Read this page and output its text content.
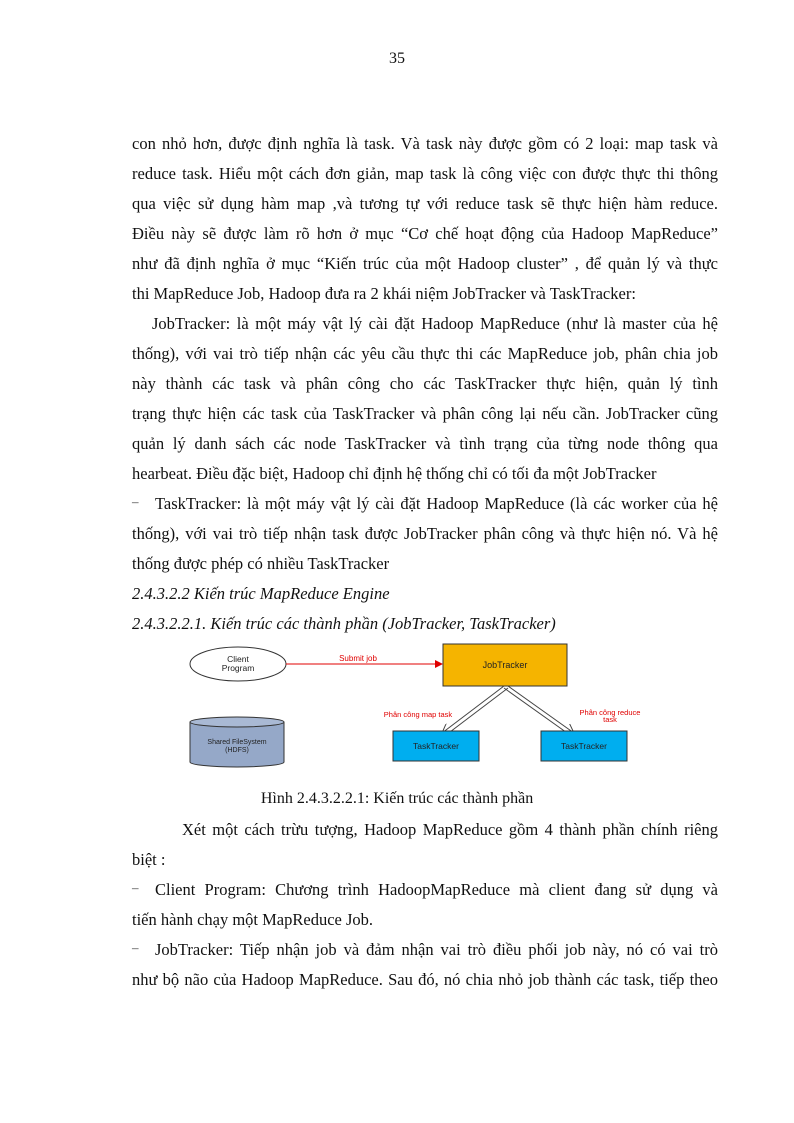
35
con nhỏ hơn, được định nghĩa là task. Và task này được gồm có 2 loại: map task và
reduce task. Hiểu một cách đơn giản, map task là công việc con được thực thi thông
qua việc sử dụng hàm map ,và tương tự với reduce task sẽ thực hiện hàm reduce.
Điều này sẽ được làm rõ hơn ở mục “Cơ chế hoạt động của Hadoop MapReduce”
như đã định nghĩa ở mục “Kiến trúc của một Hadoop cluster” , để quản lý và thực
thi MapReduce Job, Hadoop đưa ra 2 khái niệm JobTracker và TaskTracker:
JobTracker: là một máy vật lý cài đặt Hadoop MapReduce (như là master của hệ
thống), với vai trò tiếp nhận các yêu cầu thực thi các MapReduce job, phân chia job
này thành các task và phân công cho các TaskTracker thực hiện, quản lý tình
trạng thực hiện các task của TaskTracker và phân công lại nếu cần. JobTracker cũng
quản lý danh sách các node TaskTracker và tình trạng của từng node thông qua
hearbeat. Điều đặc biệt, Hadoop chỉ định hệ thống chỉ có tối đa một JobTracker
– TaskTracker: là một máy vật lý cài đặt Hadoop MapReduce (là các worker của hệ
thống), với vai trò tiếp nhận task được JobTracker phân công và thực hiện nó. Và hệ
thống được phép có nhiều TaskTracker
2.4.3.2.2 Kiến trúc MapReduce Engine
2.4.3.2.2.1. Kiến trúc các thành phần (JobTracker, TaskTracker)
Client
Program
Submit job
JobTracker
Phân công map task	Phân công reduce
task
Shared FileSystem
(HDFS)	TaskTracker	TaskTracker
Hình 2.4.3.2.2.1: Kiến trúc các thành phần
Xét một cách trừu tượng, Hadoop MapReduce gồm 4 thành phần chính riêng
biệt :
– Client Program: Chương trình HadoopMapReduce mà client đang sử dụng và
tiến hành chạy một MapReduce Job.
– JobTracker: Tiếp nhận job và đảm nhận vai trò điều phối job này, nó có vai trò
như bộ não của Hadoop MapReduce. Sau đó, nó chia nhỏ job thành các task, tiếp theo
